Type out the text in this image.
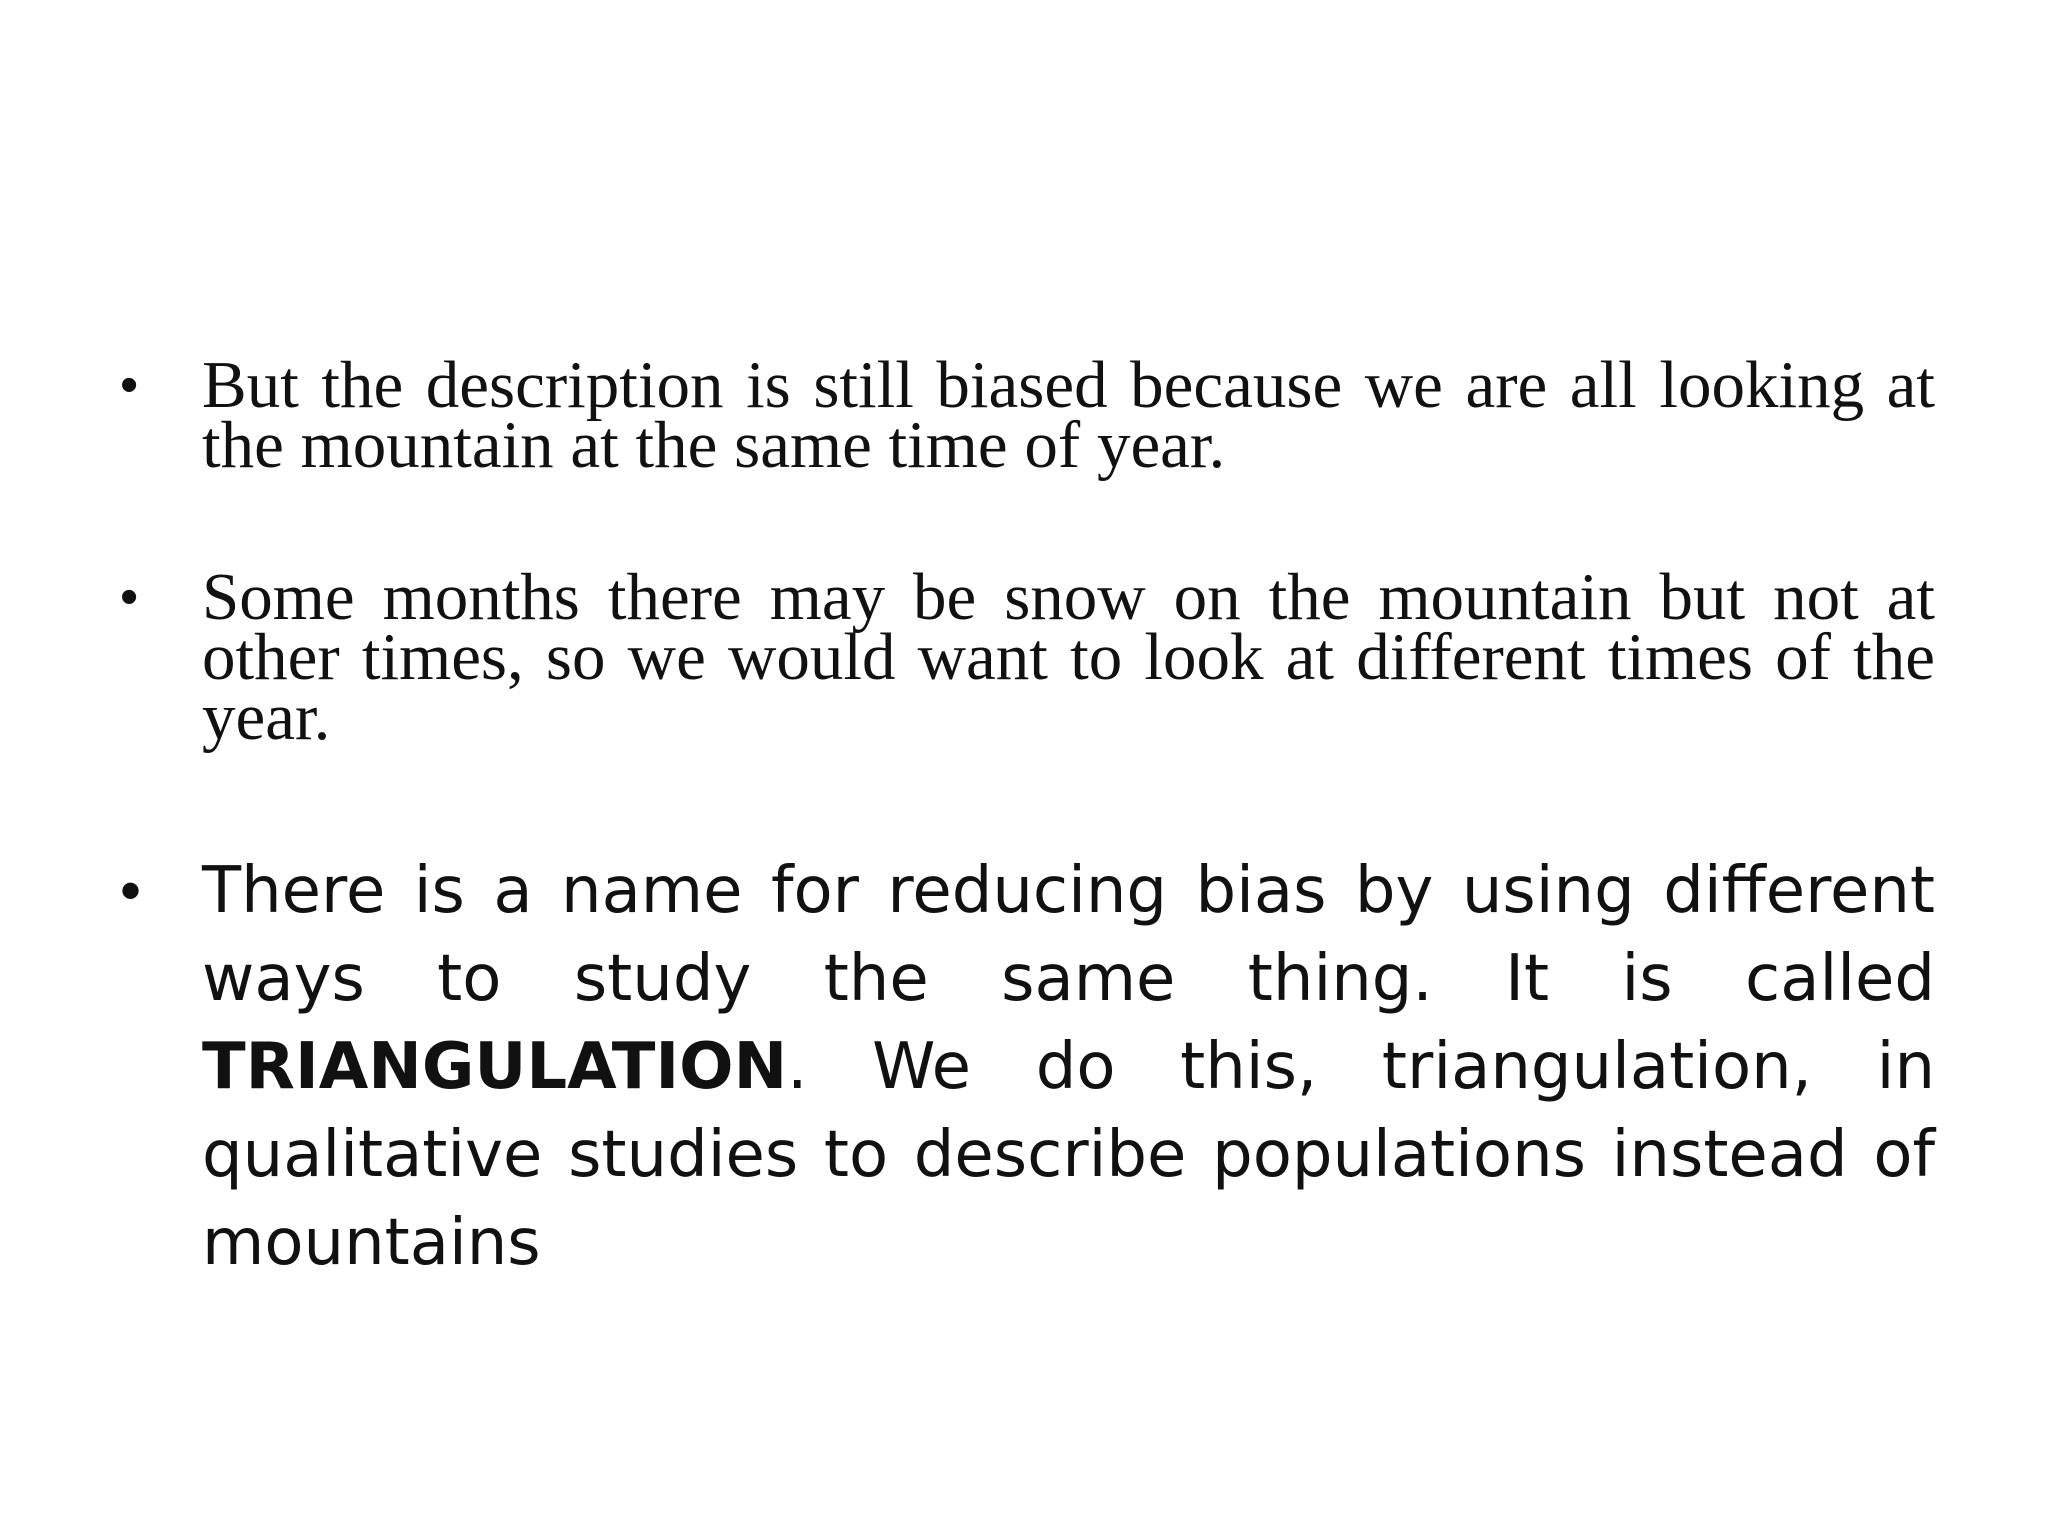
• But the description is still biased because we are all looking at the mountain at the same time of year.
• Some months there may be snow on the mountain but not at other times, so we would want to look at different times of the year.
• There is a name for reducing bias by using different ways to study the same thing. It is called TRIANGULATION. We do this, triangulation, in qualitative studies to describe populations instead of mountains
